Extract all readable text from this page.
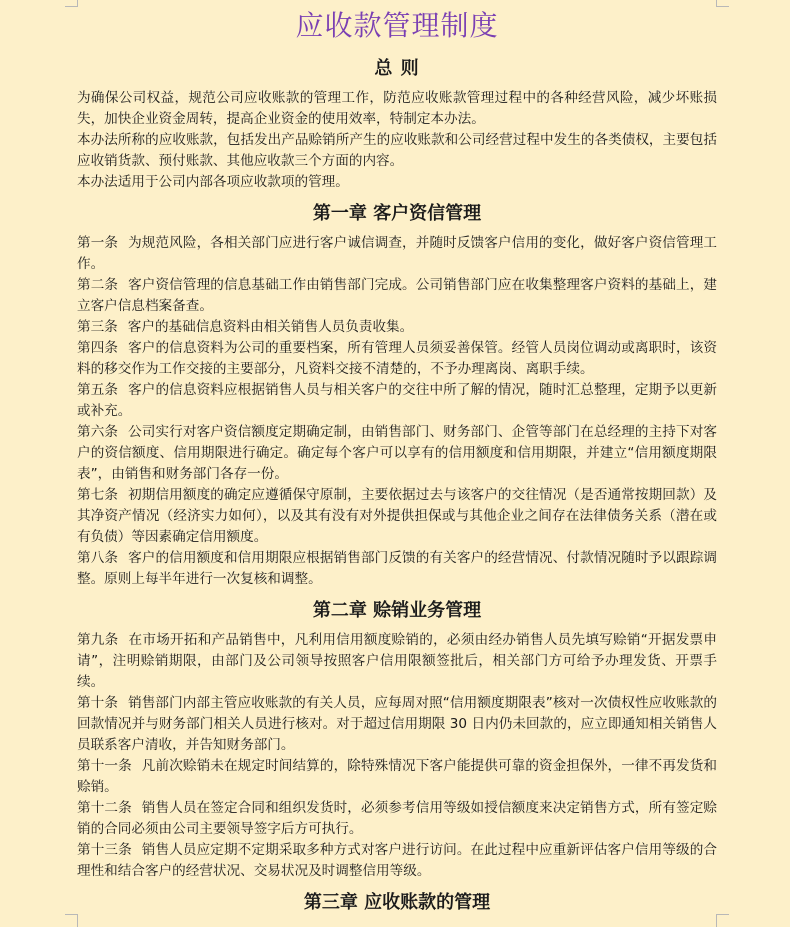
应收款管理制度
总 则

为确保公司权益，规范公司应收账款的管理工作，防范应收账款管理过程中的各种经营风险，减少坏账损失，加快企业资金周转，提高企业资金的使用效率，特制定本办法。

本办法所称的应收账款，包括发出产品赊销所产生的应收账款和公司经营过程中发生的各类债权，主要包括应收销货款、预付账款、其他应收款三个方面的内容。

本办法适用于公司内部各项应收款项的管理。

第一章 客户资信管理

第一条 为规范风险，各相关部门应进行客户诚信调查，并随时反馈客户信用的变化，做好客户资信管理工作。

第二条 客户资信管理的信息基础工作由销售部门完成。公司销售部门应在收集整理客户资料的基础上，建立客户信息档案备查。

第三条 客户的基础信息资料由相关销售人员负责收集。

第四条 客户的信息资料为公司的重要档案，所有管理人员须妥善保管。经管人员岗位调动或离职时，该资料的移交作为工作交接的主要部分，凡资料交接不清楚的，不予办理离岗、离职手续。

第五条 客户的信息资料应根据销售人员与相关客户的交往中所了解的情况，随时汇总整理，定期予以更新或补充。

第六条 公司实行对客户资信额度定期确定制，由销售部门、财务部门、企管等部门在总经理的主持下对客户的资信额度、信用期限进行确定。确定每个客户可以享有的信用额度和信用期限，并建立“信用额度期限表”，由销售和财务部门各存一份。

第七条 初期信用额度的确定应遵循保守原制，主要依据过去与该客户的交往情况（是否通常按期回款）及其净资产情况（经济实力如何），以及其有没有对外提供担保或与其他企业之间存在法律债务关系（潜在或有负债）等因素确定信用额度。

第八条 客户的信用额度和信用期限应根据销售部门反馈的有关客户的经营情况、付款情况随时予以跟踪调整。原则上每半年进行一次复核和调整。

第二章 赊销业务管理

第九条 在市场开拓和产品销售中，凡利用信用额度赊销的，必须由经办销售人员先填写赊销“开据发票申请”，注明赊销期限，由部门及公司领导按照客户信用限额签批后，相关部门方可给予办理发货、开票手续。

第十条 销售部门内部主管应收账款的有关人员，应每周对照“信用额度期限表”核对一次债权性应收账款的回款情况并与财务部门相关人员进行核对。对于超过信用期限 30 日内仍未回款的，应立即通知相关销售人员联系客户清收，并告知财务部门。

第十一条 凡前次赊销未在规定时间结算的，除特殊情况下客户能提供可靠的资金担保外，一律不再发货和赊销。

第十二条 销售人员在签定合同和组织发货时，必须参考信用等级如授信额度来决定销售方式，所有签定赊销的合同必须由公司主要领导签字后方可执行。

第十三条 销售人员应定期不定期采取多种方式对客户进行访问。在此过程中应重新评估客户信用等级的合理性和结合客户的经营状况、交易状况及时调整信用等级。

第三章 应收账款的管理
